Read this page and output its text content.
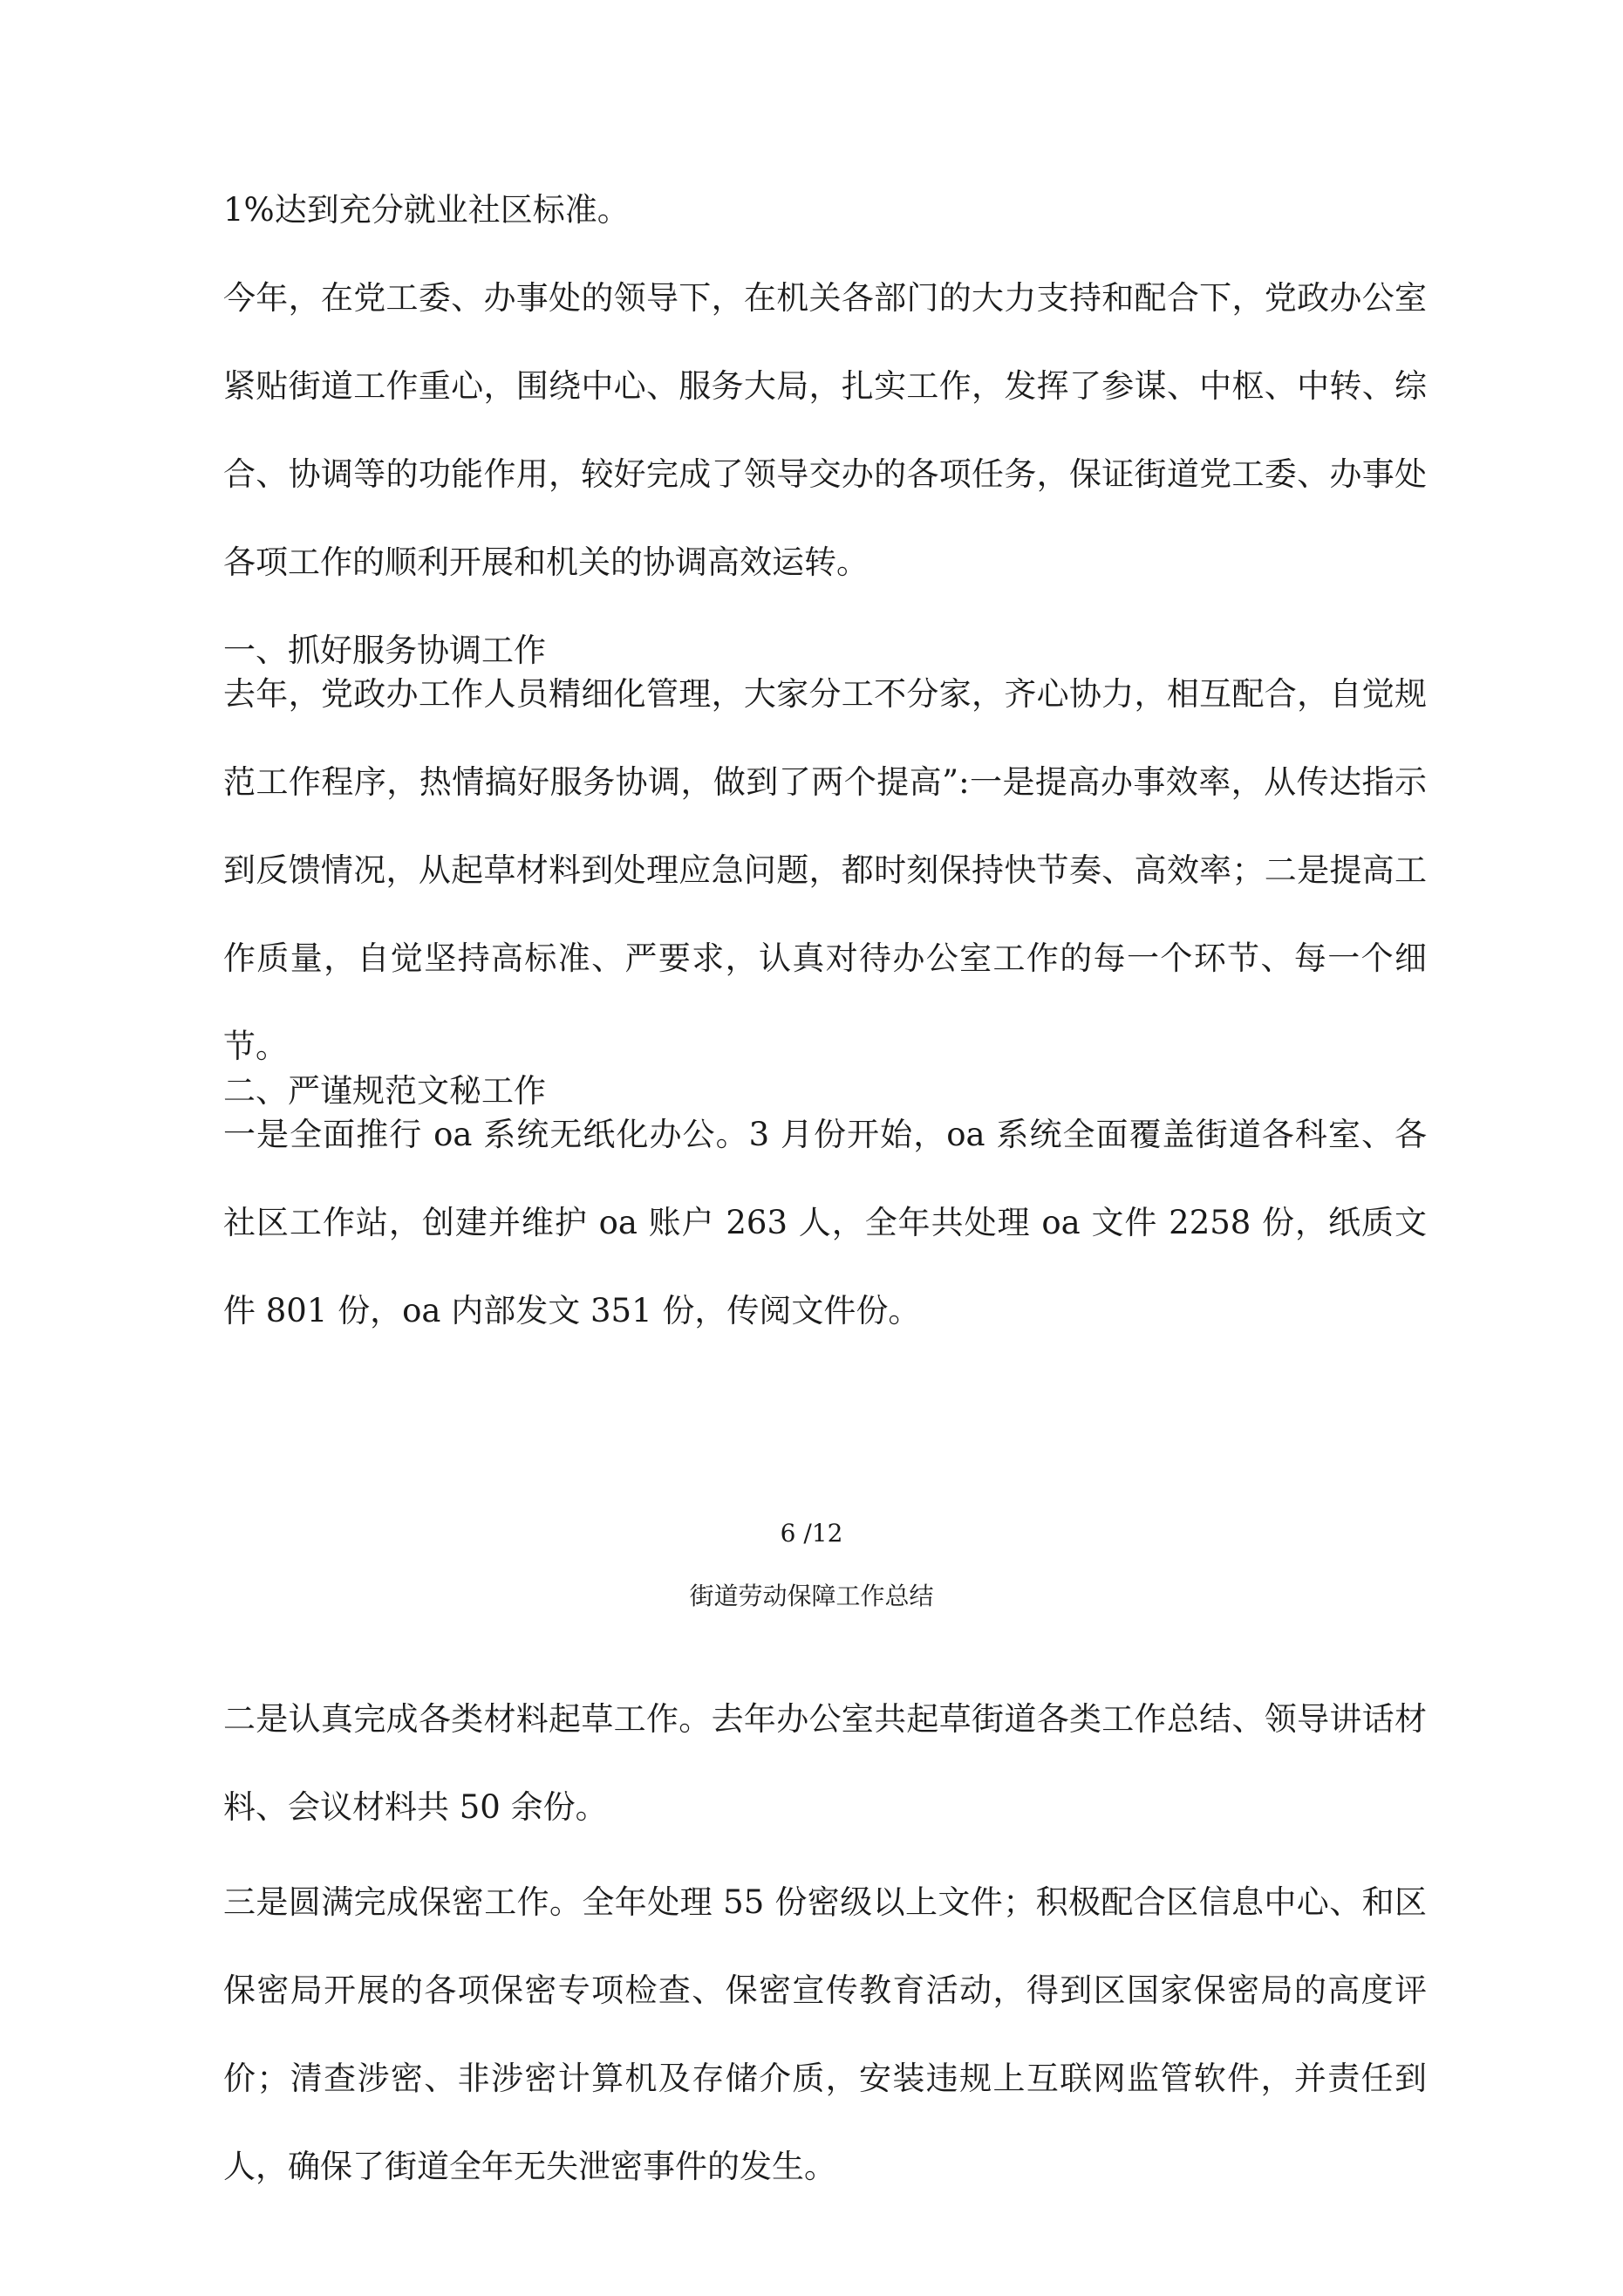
1%达到充分就业社区标准。

今年，在党工委、办事处的领导下，在机关各部门的大力支持和配合下，党政办公室紧贴街道工作重心，围绕中心、服务大局，扎实工作，发挥了参谋、中枢、中转、综合、协调等的功能作用，较好完成了领导交办的各项任务，保证街道党工委、办事处各项工作的顺利开展和机关的协调高效运转。

一、抓好服务协调工作

去年，党政办工作人员精细化管理，大家分工不分家，齐心协力，相互配合，自觉规范工作程序，热情搞好服务协调，做到了两个提高”:一是提高办事效率，从传达指示到反馈情况，从起草材料到处理应急问题，都时刻保持快节奏、高效率；二是提高工作质量，自觉坚持高标准、严要求，认真对待办公室工作的每一个环节、每一个细节。

二、严谨规范文秘工作

一是全面推行 oa 系统无纸化办公。3 月份开始，oa 系统全面覆盖街道各科室、各社区工作站，创建并维护 oa 账户 263 人，全年共处理 oa 文件 2258 份，纸质文件 801 份，oa 内部发文 351 份，传阅文件份。

6 /12
街道劳动保障工作总结

二是认真完成各类材料起草工作。去年办公室共起草街道各类工作总结、领导讲话材料、会议材料共 50 余份。

三是圆满完成保密工作。全年处理 55 份密级以上文件；积极配合区信息中心、和区保密局开展的各项保密专项检查、保密宣传教育活动，得到区国家保密局的高度评价；清查涉密、非涉密计算机及存储介质，安装违规上互联网监管软件，并责任到人，确保了街道全年无失泄密事件的发生。
